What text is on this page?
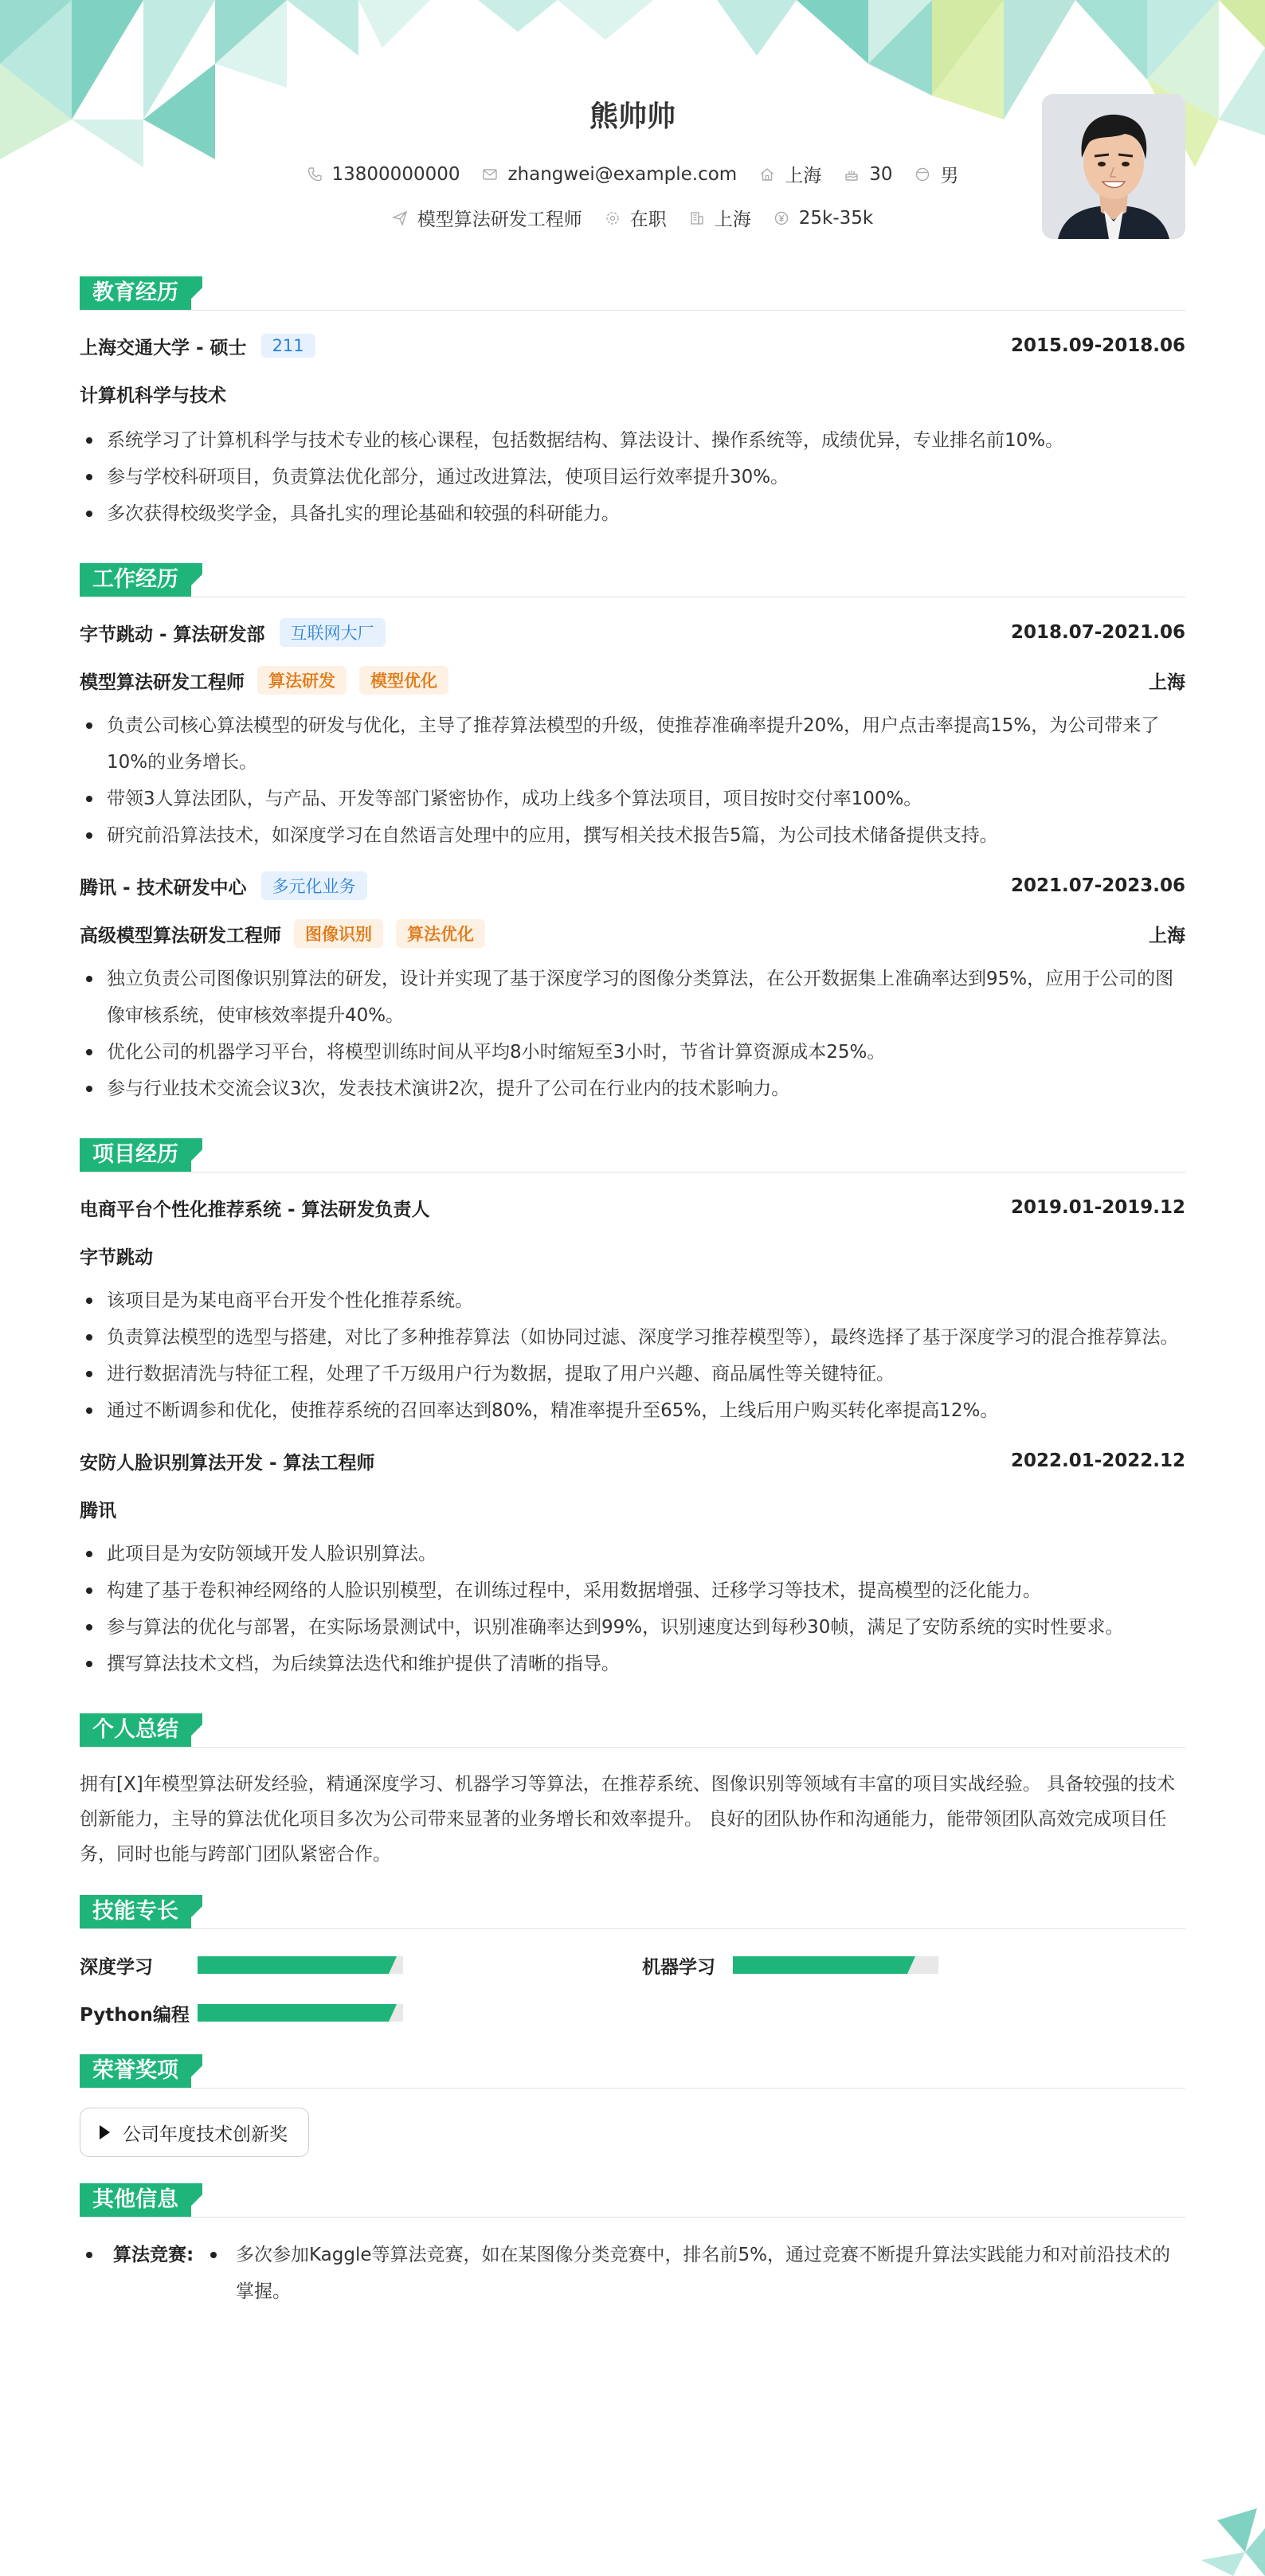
熊帅帅
13800000000	zhangwei@example.com	上海	30	男
模型算法研发工程师	在职	上海	25k-35k
教育经历
上海交通大学 - 硕士	211	2015.09-2018.06
计算机科学与技术
系统学习了计算机科学与技术专业的核心课程，包括数据结构、算法设计、操作系统等，成绩优异，专业排名前10%。
参与学校科研项目，负责算法优化部分，通过改进算法，使项目运行效率提升30%。
多次获得校级奖学金，具备扎实的理论基础和较强的科研能力。
工作经历
字节跳动 - 算法研发部	互联网大厂	2018.07-2021.06
模型算法研发工程师	算法研发	模型优化	上海
负责公司核心算法模型的研发与优化，主导了推荐算法模型的升级，使推荐准确率提升20%，用户点击率提高15%，为公司带来了10%的业务增长。
带领3人算法团队，与产品、开发等部门紧密协作，成功上线多个算法项目，项目按时交付率100%。
研究前沿算法技术，如深度学习在自然语言处理中的应用，撰写相关技术报告5篇，为公司技术储备提供支持。
腾讯 - 技术研发中心	多元化业务	2021.07-2023.06
高级模型算法研发工程师	图像识别	算法优化	上海
独立负责公司图像识别算法的研发，设计并实现了基于深度学习的图像分类算法，在公开数据集上准确率达到95%，应用于公司的图像审核系统，使审核效率提升40%。
优化公司的机器学习平台，将模型训练时间从平均8小时缩短至3小时，节省计算资源成本25%。
参与行业技术交流会议3次，发表技术演讲2次，提升了公司在行业内的技术影响力。
项目经历
电商平台个性化推荐系统 - 算法研发负责人	2019.01-2019.12
字节跳动
该项目是为某电商平台开发个性化推荐系统。
负责算法模型的选型与搭建，对比了多种推荐算法（如协同过滤、深度学习推荐模型等），最终选择了基于深度学习的混合推荐算法。
进行数据清洗与特征工程，处理了千万级用户行为数据，提取了用户兴趣、商品属性等关键特征。
通过不断调参和优化，使推荐系统的召回率达到80%，精准率提升至65%，上线后用户购买转化率提高12%。
安防人脸识别算法开发 - 算法工程师	2022.01-2022.12
腾讯
此项目是为安防领域开发人脸识别算法。
构建了基于卷积神经网络的人脸识别模型，在训练过程中，采用数据增强、迁移学习等技术，提高模型的泛化能力。
参与算法的优化与部署，在实际场景测试中，识别准确率达到99%，识别速度达到每秒30帧，满足了安防系统的实时性要求。
撰写算法技术文档，为后续算法迭代和维护提供了清晰的指导。
个人总结

拥有[X]年模型算法研发经验，精通深度学习、机器学习等算法，在推荐系统、图像识别等领域有丰富的项目实战经验。 具备较强的技术创新能力，主导的算法优化项目多次为公司带来显著的业务增长和效率提升。 良好的团队协作和沟通能力，能带领团队高效完成项目任务，同时也能与跨部门团队紧密合作。

技能专长
深度学习	机器学习
Python编程
荣誉奖项
公司年度技术创新奖
其他信息
算法竞赛:	多次参加Kaggle等算法竞赛，如在某图像分类竞赛中，排名前5%，通过竞赛不断提升算法实践能力和对前沿技术的掌握。
